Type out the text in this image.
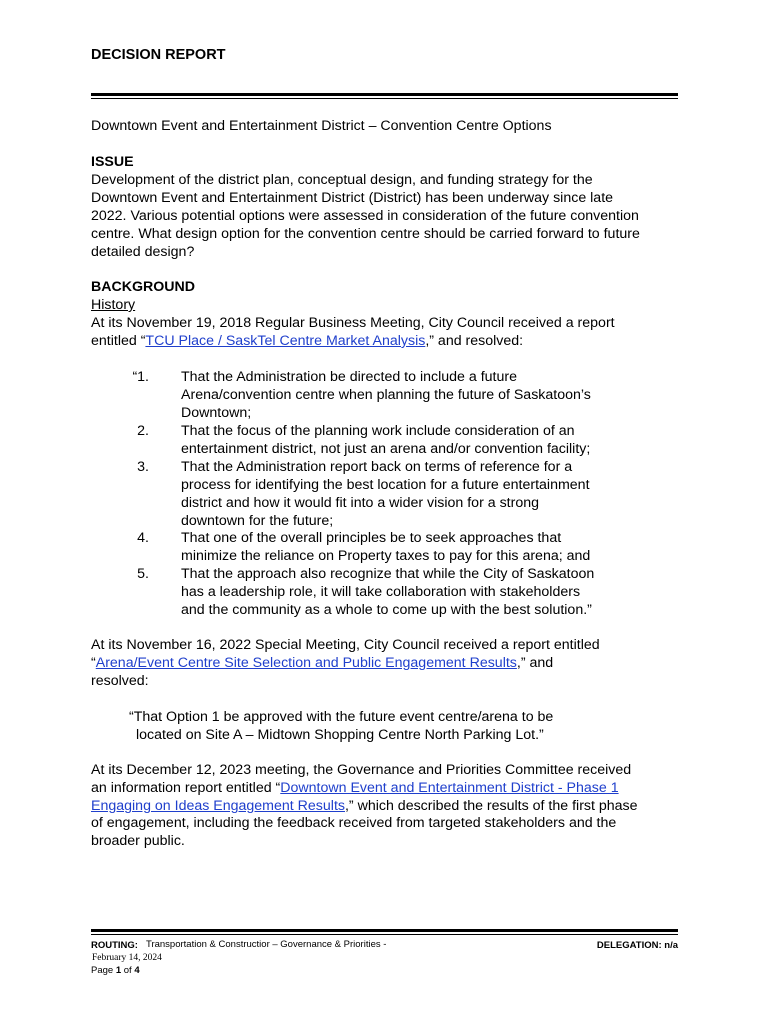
DECISION REPORT
Downtown Event and Entertainment District – Convention Centre Options
ISSUE
Development of the district plan, conceptual design, and funding strategy for the
Downtown Event and Entertainment District (District) has been underway since late
2022. Various potential options were assessed in consideration of the future convention
centre. What design option for the convention centre should be carried forward to future
detailed design?
BACKGROUND
History
At its November 19, 2018 Regular Business Meeting, City Council received a report
entitled “TCU Place / SaskTel Centre Market Analysis,” and resolved:
“1. That the Administration be directed to include a future
Arena/convention centre when planning the future of Saskatoon’s
Downtown;
2. That the focus of the planning work include consideration of an
entertainment district, not just an arena and/or convention facility;
3. That the Administration report back on terms of reference for a
process for identifying the best location for a future entertainment
district and how it would fit into a wider vision for a strong
downtown for the future;
4. That one of the overall principles be to seek approaches that
minimize the reliance on Property taxes to pay for this arena; and
5. That the approach also recognize that while the City of Saskatoon
has a leadership role, it will take collaboration with stakeholders
and the community as a whole to come up with the best solution.”
At its November 16, 2022 Special Meeting, City Council received a report entitled
“Arena/Event Centre Site Selection and Public Engagement Results,” and
resolved:
“That Option 1 be approved with the future event centre/arena to be
located on Site A – Midtown Shopping Centre North Parking Lot.”
At its December 12, 2023 meeting, the Governance and Priorities Committee received
an information report entitled “Downtown Event and Entertainment District - Phase 1
Engaging on Ideas Engagement Results,” which described the results of the first phase
of engagement, including the feedback received from targeted stakeholders and the
broader public.
ROUTING: Transportation & Constructior – Governance & Priorities -	DELEGATION: n/a
February 14, 2024
Page 1 of 4
